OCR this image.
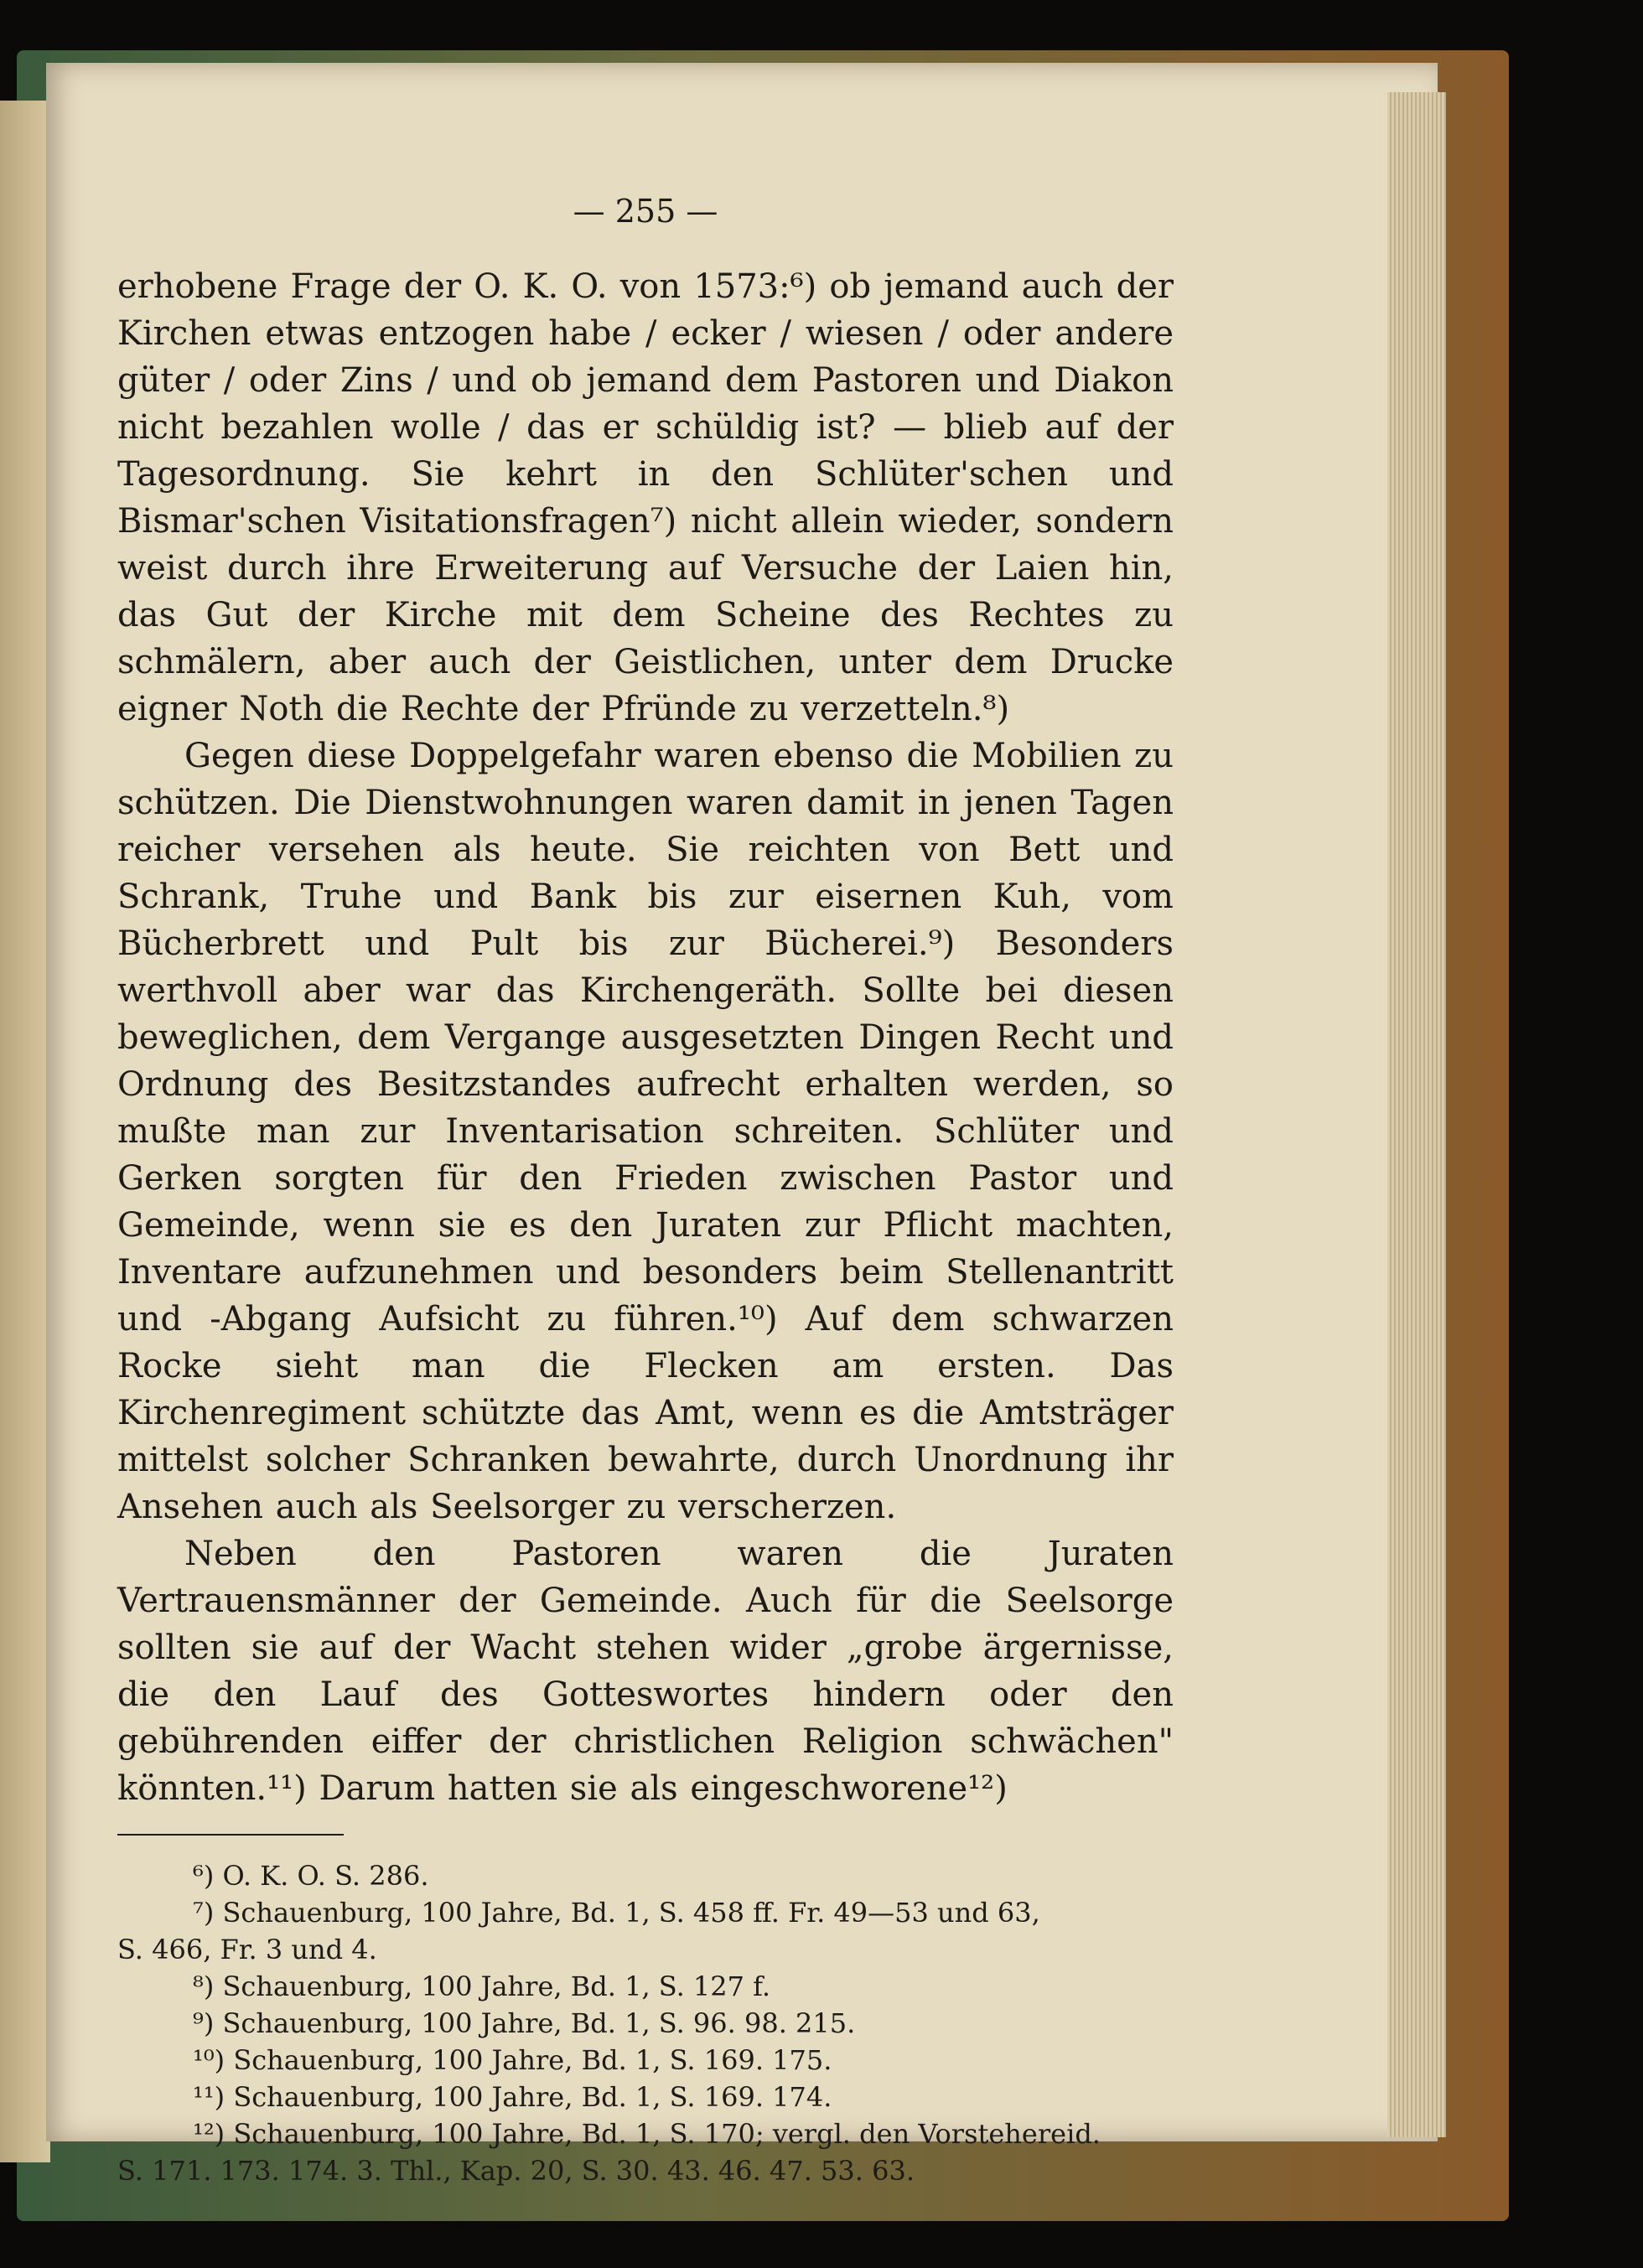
— 255 —

erhobene Frage der O. K. O. von 1573:⁶) ob jemand auch der Kirchen etwas entzogen habe / ecker / wiesen / oder andere güter / oder Zins / und ob jemand dem Pastoren und Diakon nicht bezahlen wolle / das er schüldig ist? — blieb auf der Tagesordnung. Sie kehrt in den Schlüter'schen und Bismar'schen Visitationsfragen⁷) nicht allein wieder, sondern weist durch ihre Erweiterung auf Versuche der Laien hin, das Gut der Kirche mit dem Scheine des Rechtes zu schmälern, aber auch der Geistlichen, unter dem Drucke eigner Noth die Rechte der Pfründe zu verzetteln.⁸)

Gegen diese Doppelgefahr waren ebenso die Mobilien zu schützen. Die Dienstwohnungen waren damit in jenen Tagen reicher versehen als heute. Sie reichten von Bett und Schrank, Truhe und Bank bis zur eisernen Kuh, vom Bücherbrett und Pult bis zur Bücherei.⁹) Besonders werthvoll aber war das Kirchengeräth. Sollte bei diesen beweglichen, dem Vergange ausgesetzten Dingen Recht und Ordnung des Besitzstandes aufrecht erhalten werden, so mußte man zur Inventarisation schreiten. Schlüter und Gerken sorgten für den Frieden zwischen Pastor und Gemeinde, wenn sie es den Juraten zur Pflicht machten, Inventare aufzunehmen und besonders beim Stellenantritt und -Abgang Aufsicht zu führen.¹⁰) Auf dem schwarzen Rocke sieht man die Flecken am ersten. Das Kirchenregiment schützte das Amt, wenn es die Amtsträger mittelst solcher Schranken bewahrte, durch Unordnung ihr Ansehen auch als Seelsorger zu verscherzen.

Neben den Pastoren waren die Juraten Vertrauensmänner der Gemeinde. Auch für die Seelsorge sollten sie auf der Wacht stehen wider „grobe ärgernisse, die den Lauf des Gotteswortes hindern oder den gebührenden eiffer der christlichen Religion schwächen" könnten.¹¹) Darum hatten sie als eingeschworene¹²)

⁶) O. K. O. S. 286.

⁷) Schauenburg, 100 Jahre, Bd. 1, S. 458 ff. Fr. 49—53 und 63,
S. 466, Fr. 3 und 4.

⁸) Schauenburg, 100 Jahre, Bd. 1, S. 127 f.

⁹) Schauenburg, 100 Jahre, Bd. 1, S. 96. 98. 215.

¹⁰) Schauenburg, 100 Jahre, Bd. 1, S. 169. 175.

¹¹) Schauenburg, 100 Jahre, Bd. 1, S. 169. 174.

¹²) Schauenburg, 100 Jahre, Bd. 1, S. 170; vergl. den Vorstehereid.
S. 171. 173. 174. 3. Thl., Kap. 20, S. 30. 43. 46. 47. 53. 63.
